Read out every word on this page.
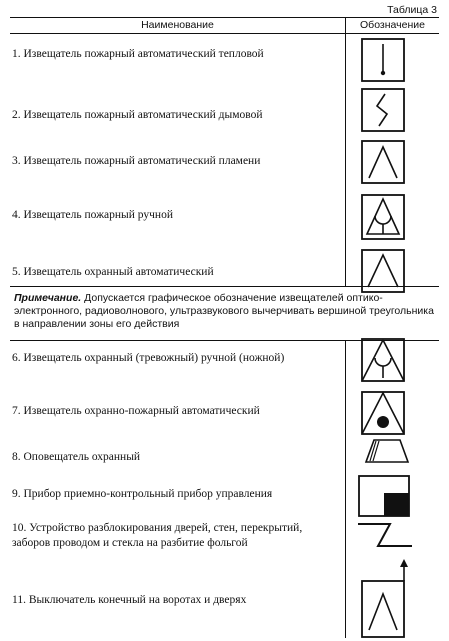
Таблица 3
Наименование	Обозначение
1. Извещатель пожарный автоматический тепловой
2. Извещатель пожарный автоматический дымовой
3. Извещатель пожарный автоматический пламени
4. Извещатель пожарный ручной
5. Извещатель охранный автоматический
Примечание. Допускается графическое обозначение извещателей оптико-электронного, радиоволнового, ультразвукового вычерчивать вершиной треугольника в направлении зоны его действия
6. Извещатель охранный (тревожный) ручной (ножной)
7. Извещатель охранно-пожарный автоматический
8. Оповещатель охранный
9. Прибор приемно-контрольный прибор управления
10. Устройство разблокирования дверей, стен, перекрытий, заборов проводом и стекла на разбитие фольгой
11. Выключатель конечный на воротах и дверях
